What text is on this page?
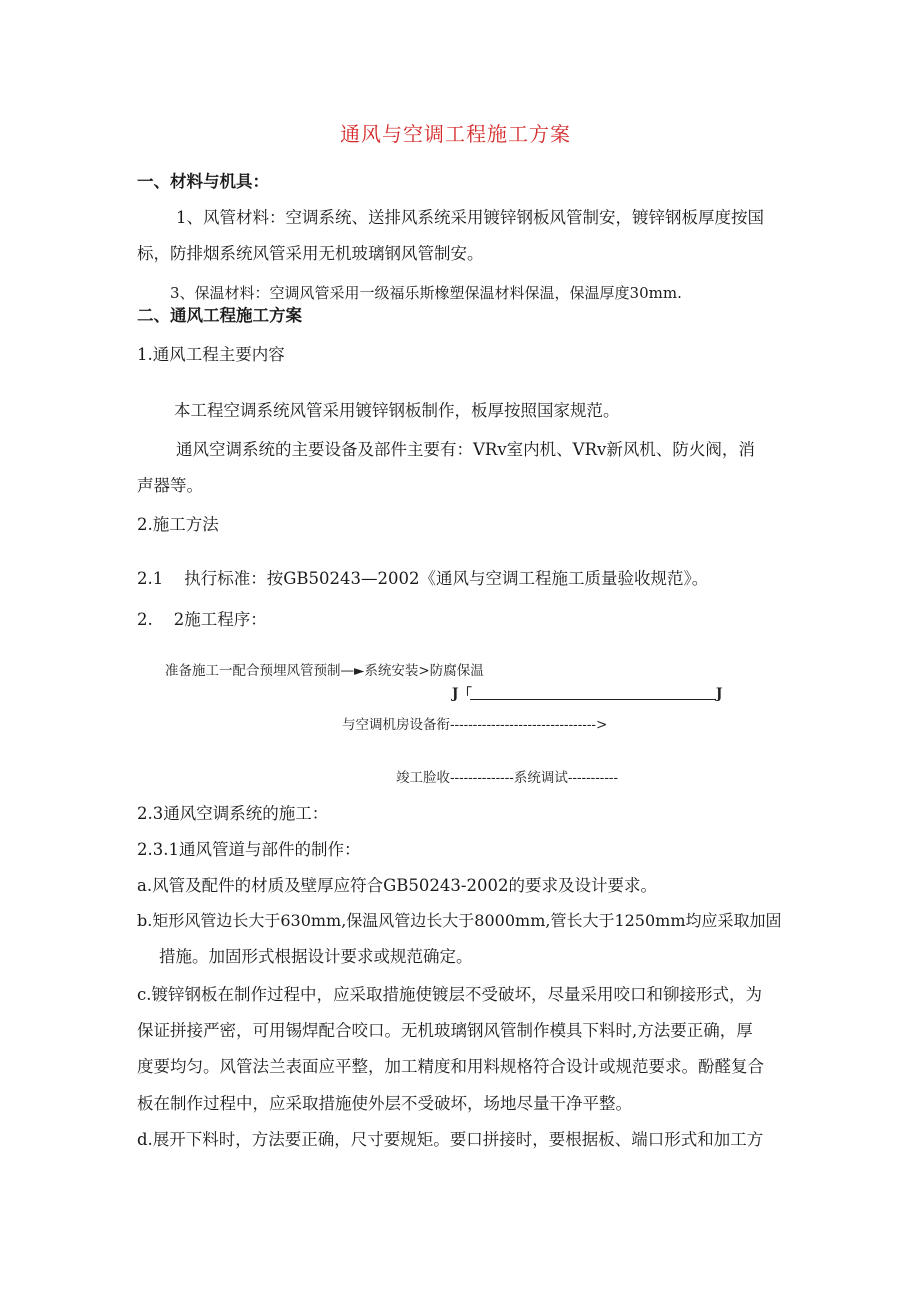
通风与空调工程施工方案
一、材料与机具：
1、风管材料：空调系统、送排风系统采用镀锌钢板风管制安，镀锌钢板厚度按国
标，防排烟系统风管采用无机玻璃钢风管制安。
3、保温材料：空调风管采用一级福乐斯橡塑保温材料保温，保温厚度30mm.
二、通风工程施工方案
1.通风工程主要内容
本工程空调系统风管采用镀锌钢板制作，板厚按照国家规范。
通风空调系统的主要设备及部件主要有：VRv室内机、VRv新风机、防火阀，消
声器等。
2.施工方法
2.1    执行标准：按GB50243—2002《通风与空调工程施工质量验收规范》。
2.    2施工程序：
准备施工一配合预埋风管预制—►系统安装>防腐保温
J「	J
与空调机房设备衔-------------------------------->
竣工脸收--------------系统调试-----------
2.3通风空调系统的施工：
2.3.1通风管道与部件的制作：
a.风管及配件的材质及壁厚应符合GB50243-2002的要求及设计要求。
b.矩形风管边长大于630mm,保温风管边长大于8000mm,管长大于1250mm均应采取加固
措施。加固形式根据设计要求或规范确定。
c.镀锌钢板在制作过程中，应采取措施使镀层不受破坏，尽量采用咬口和铆接形式，为
保证拼接严密，可用锡焊配合咬口。无机玻璃钢风管制作模具下料时,方法要正确，厚
度要均匀。风管法兰表面应平整，加工精度和用料规格符合设计或规范要求。酚醛复合
板在制作过程中，应采取措施使外层不受破坏，场地尽量干净平整。
d.展开下料时，方法要正确，尺寸要规矩。要口拼接时，要根据板、端口形式和加工方
